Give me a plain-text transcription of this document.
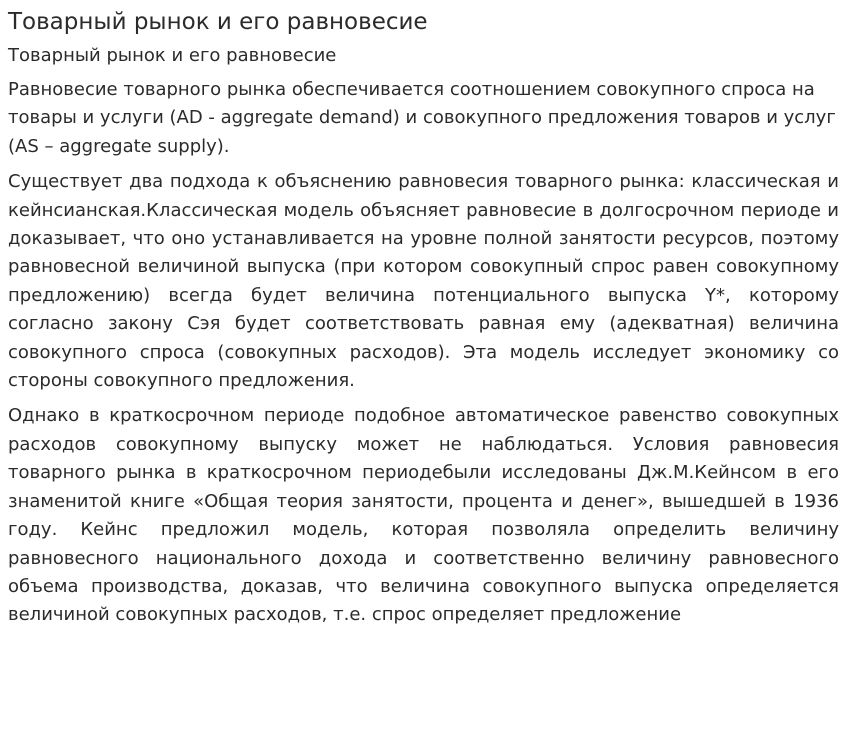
Товарный рынок и его равновесие
Товарный рынок и его равновесие

Равновесие товарного рынка обеспечивается соотношением совокупного спроса на товары и услуги (AD - aggregate demand) и совокупного предложения товаров и услуг (AS – aggregate supply).

Существует два подхода к объяснению равновесия товарного рынка: классическая и кейнсианская.Классическая модель объясняет равновесие в долгосрочном периоде и доказывает, что оно устанавливается на уровне полной занятости ресурсов, поэтому равновесной величиной выпуска (при котором совокупный спрос равен совокупному предложению) всегда будет величина потенциального выпуска Y*, которому согласно закону Сэя будет соответствовать равная ему (адекватная) величина совокупного спроса (совокупных расходов). Эта модель исследует экономику со стороны совокупного предложения.

Однако в краткосрочном периоде подобное автоматическое равенство совокупных расходов совокупному выпуску может не наблюдаться. Условия равновесия товарного рынка в краткосрочном периодебыли исследованы Дж.М.Кейнсом в его знаменитой книге «Общая теория занятости, процента и денег», вышедшей в 1936 году. Кейнс предложил модель, которая позволяла определить величину равновесного национального дохода и соответственно величину равновесного объема производства, доказав, что величина совокупного выпуска определяется величиной совокупных расходов, т.е. спрос определяет предложение
